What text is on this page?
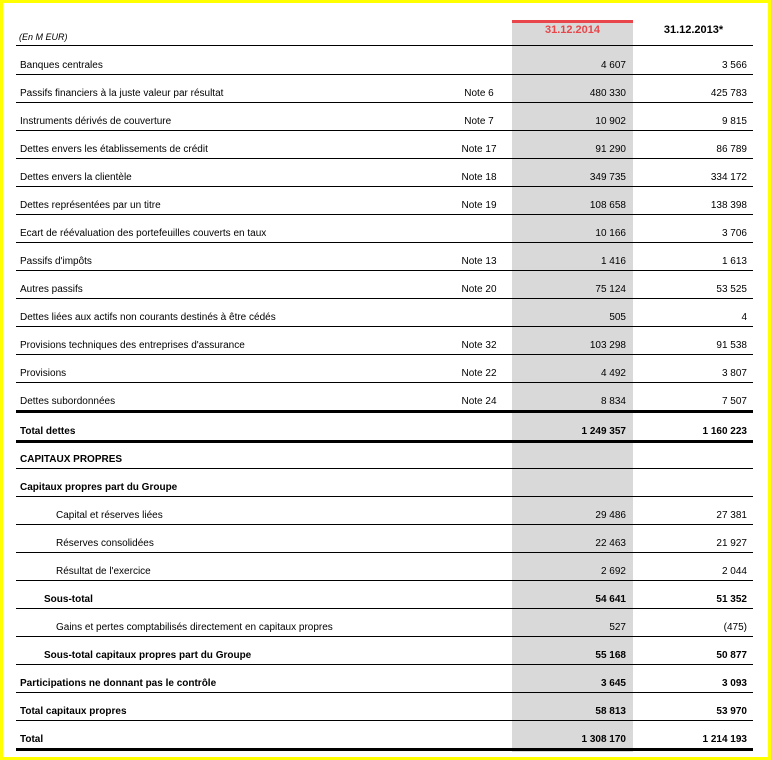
(En M EUR)
31.12.2014	31.12.2013*
Banques centrales	4 607	3 566
Passifs financiers à la juste valeur par résultat	Note 6	480 330	425 783
Instruments dérivés de couverture	Note 7	10 902	9 815
Dettes envers les établissements de crédit	Note 17	91 290	86 789
Dettes envers la clientèle	Note 18	349 735	334 172
Dettes représentées par un titre	Note 19	108 658	138 398
Ecart de réévaluation des portefeuilles couverts en taux	10 166	3 706
Passifs d'impôts	Note 13	1 416	1 613
Autres passifs	Note 20	75 124	53 525
Dettes liées aux actifs non courants destinés à être cédés	505	4
Provisions techniques des entreprises d'assurance	Note 32	103 298	91 538
Provisions	Note 22	4 492	3 807
Dettes subordonnées	Note 24	8 834	7 507
Total dettes	1 249 357	1 160 223
CAPITAUX PROPRES
Capitaux propres part du Groupe
Capital et réserves liées	29 486	27 381
Réserves consolidées	22 463	21 927
Résultat de l'exercice	2 692	2 044
Sous-total	54 641	51 352
Gains et pertes comptabilisés directement en capitaux propres	527	(475)
Sous-total capitaux propres part du Groupe	55 168	50 877
Participations ne donnant pas le contrôle	3 645	3 093
Total capitaux propres	58 813	53 970
Total	1 308 170	1 214 193
